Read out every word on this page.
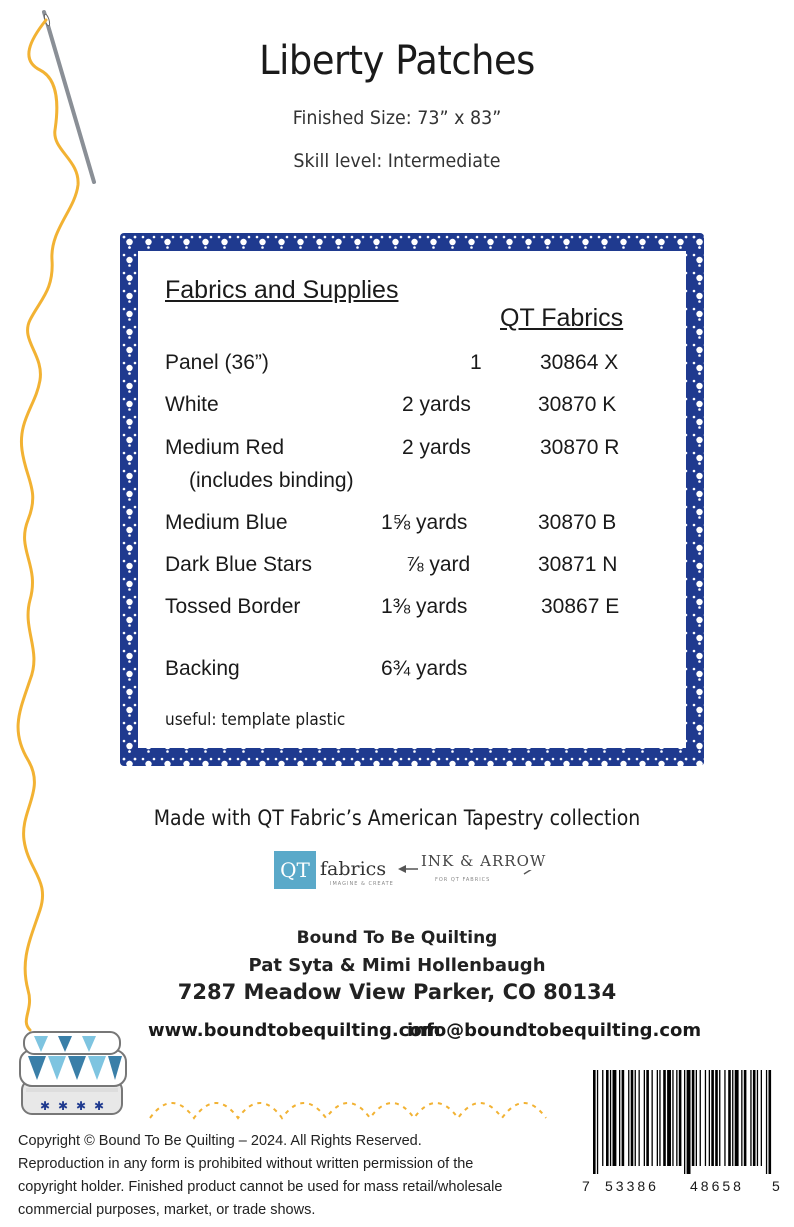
✱ ✱ ✱ ✱
Liberty Patches
Finished Size: 73” x 83”
Skill level: Intermediate
Fabrics and Supplies
QT Fabrics
Panel (36”)	1	30864 X
White	2 yards	30870 K
Medium Red	2 yards	30870 R
(includes binding)
Medium Blue	1⅝ yards	30870 B
Dark Blue Stars	⅞ yard	30871 N
Tossed Border	1⅜ yards	30867 E
Backing	6¾ yards
useful: template plastic
Made with QT Fabric’s American Tapestry collection
QT fabrics
IMAGINE & CREATE
INK & ARROW
FOR QT FABRICS
Bound To Be Quilting
Pat Syta & Mimi Hollenbaugh
7287 Meadow View Parker, CO 80134
www.boundtobequilting.com
info@boundtobequilting.com
Copyright © Bound To Be Quilting – 2024. All Rights Reserved.
Reproduction in any form is prohibited without written permission of the
copyright holder. Finished product cannot be used for mass retail/wholesale
commercial purposes, market, or trade shows.
7 53386 48658 5
